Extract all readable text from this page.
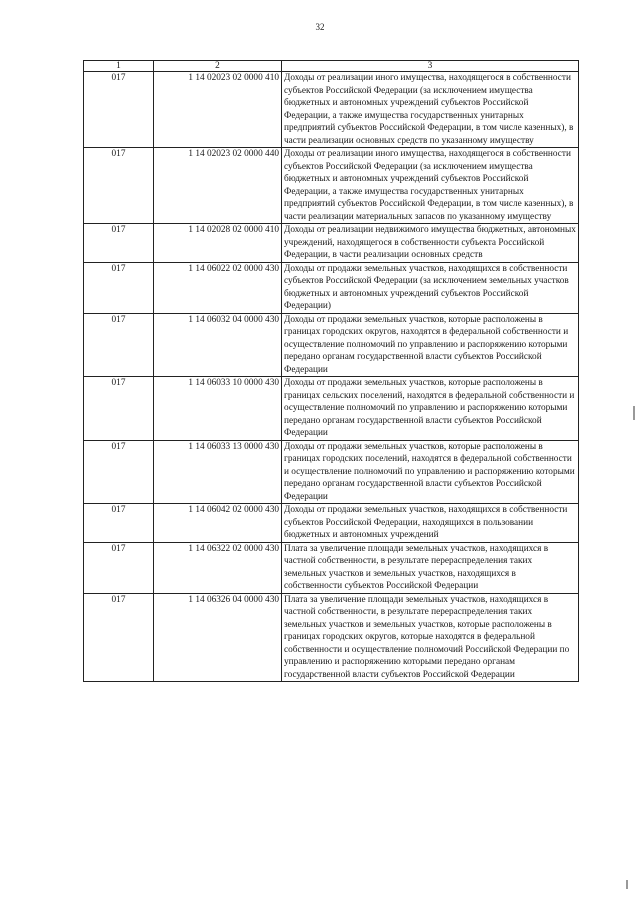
32
1	2	3
017	1 14 02023 02 0000 410	Доходы от реализации иного имущества, находящегося в собственности субъектов Российской Федерации (за исключением имущества бюджетных и автономных учреждений субъектов Российской Федерации, а также имущества государственных унитарных предприятий субъектов Российской Федерации, в том числе казенных), в части реализации основных средств по указанному имуществу
017	1 14 02023 02 0000 440	Доходы от реализации иного имущества, находящегося в собственности субъектов Российской Федерации (за исключением имущества бюджетных и автономных учреждений субъектов Российской Федерации, а также имущества государственных унитарных предприятий субъектов Российской Федерации, в том числе казенных), в части реализации материальных запасов по указанному имуществу
017	1 14 02028 02 0000 410	Доходы от реализации недвижимого имущества бюджетных, автономных учреждений, находящегося в собственности субъекта Российской Федерации, в части реализации основных средств
017	1 14 06022 02 0000 430	Доходы от продажи земельных участков, находящихся в собственности субъектов Российской Федерации (за исключением земельных участков бюджетных и автономных учреждений субъектов Российской Федерации)
017	1 14 06032 04 0000 430	Доходы от продажи земельных участков, которые расположены в границах городских округов, находятся в федеральной собственности и осуществление полномочий по управлению и распоряжению которыми передано органам государственной власти субъектов Российской Федерации
017	1 14 06033 10 0000 430	Доходы от продажи земельных участков, которые расположены в границах сельских поселений, находятся в федеральной собственности и осуществление полномочий по управлению и распоряжению которыми передано органам государственной власти субъектов Российской Федерации
017	1 14 06033 13 0000 430	Доходы от продажи земельных участков, которые расположены в границах городских поселений, находятся в федеральной собственности и осуществление полномочий по управлению и распоряжению которыми передано органам государственной власти субъектов Российской Федерации
017	1 14 06042 02 0000 430	Доходы от продажи земельных участков, находящихся в собственности субъектов Российской Федерации, находящихся в пользовании бюджетных и автономных учреждений
017	1 14 06322 02 0000 430	Плата за увеличение площади земельных участков, находящихся в частной собственности, в результате перераспределения таких земельных участков и земельных участков, находящихся в собственности субъектов Российской Федерации
017	1 14 06326 04 0000 430	Плата за увеличение площади земельных участков, находящихся в частной собственности, в результате перераспределения таких земельных участков и земельных участков, которые расположены в границах городских округов, которые находятся в федеральной собственности и осуществление полномочий Российской Федерации по управлению и распоряжению которыми передано органам государственной власти субъектов Российской Федерации
